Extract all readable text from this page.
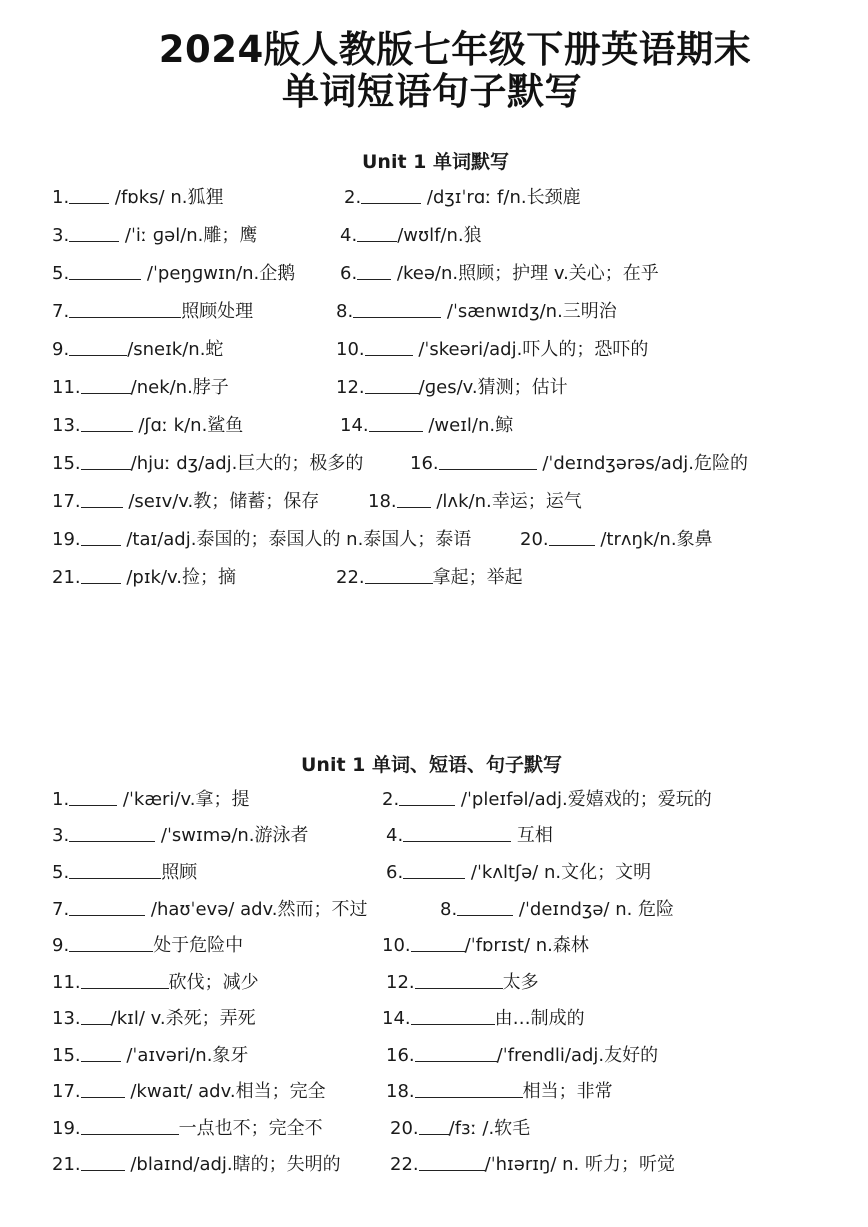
2024版人教版七年级下册英语期末
单词短语句子默写
Unit 1 单词默写
Unit 1 单词、短语、句子默写
1. /fɒks/ n.狐狸	2.	/dʒɪˈrɑː f/n.长颈鹿
3.	/ˈiː ɡəl/n.雕；鹰	4. /wʊlf/n.狼
5.	/ˈpeŋɡwɪn/n.企鹅 6. /keə/n.照顾；护理 v.关心；在乎
7.	照顾处理	8.	/ˈsænwɪdʒ/n.三明治
9.	/sneɪk/n.蛇	10.	/ˈskeəri/adj.吓人的；恐吓的
11.	/nek/n.脖子	12.	/ɡes/v.猜测；估计
13.	/ʃɑː k/n.鲨鱼	14.	/weɪl/n.鲸
15.	/hjuː dʒ/adj.巨大的；极多的	16.	/ˈdeɪndʒərəs/adj.危险的
17. /seɪv/v.教；储蓄；保存	18. /lʌk/n.幸运；运气
19. /taɪ/adj.泰国的；泰国人的 n.泰国人；泰语	20.	/trʌŋk/n.象鼻
21. /pɪk/v.捡；摘	22.	拿起；举起
1.	/ˈkæri/v.拿；提	2.	/ˈpleɪfəl/adj.爱嬉戏的；爱玩的
3.	/ˈswɪmə/n.游泳者	4.	互相
5.	照顾	6.	/ˈkʌltʃə/ n.文化；文明
7.	/haʊˈevə/ adv.然而；不过	8.	/ˈdeɪndʒə/ n. 危险
9.	处于危险中	10.	/ˈfɒrɪst/ n.森林
11.	砍伐；减少	12.	太多
13. /kɪl/ v.杀死；弄死	14.	由…制成的
15. /ˈaɪvəri/n.象牙	16.	/ˈfrendli/adj.友好的
17. /kwaɪt/ adv.相当；完全	18.	相当；非常
19.	一点也不；完全不	20. /fɜː /.软毛
21. /blaɪnd/adj.瞎的；失明的	22.	/ˈhɪərɪŋ/ n. 听力；听觉
